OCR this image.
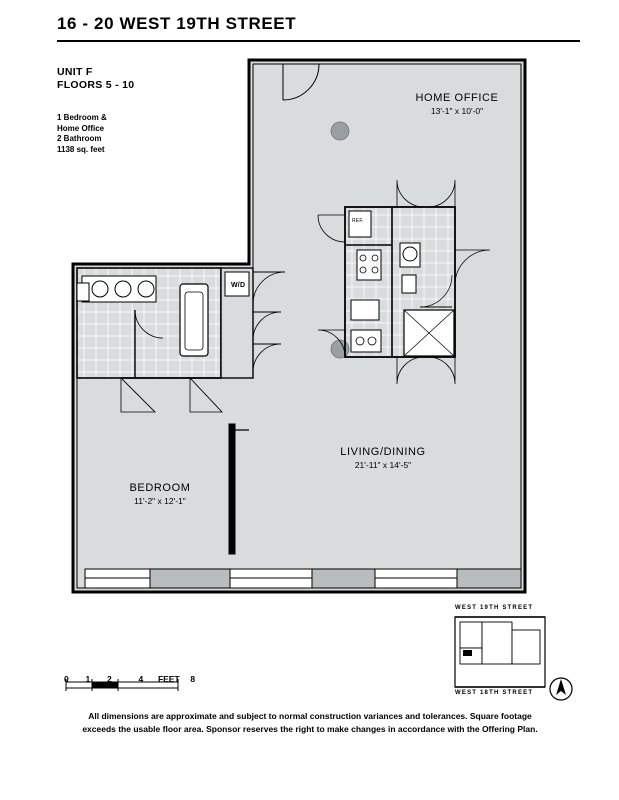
16 - 20 WEST 19TH STREET
UNIT F
FLOORS 5 - 10
1 Bedroom &
Home Office
2 Bathroom
1138 sq. feet
HOME OFFICE
13'-1" x 10'-0"
LIVING/DINING
21'-11" x 14'-5"
BEDROOM
11'-2" x 12'-1"
W/D
REF.
0 1 2	4 FEET 8
WEST 19TH STREET
WEST 18TH STREET
All dimensions are approximate and subject to normal construction variances and tolerances. Square footage
exceeds the usable floor area. Sponsor reserves the right to make changes in accordance with the Offering Plan.
